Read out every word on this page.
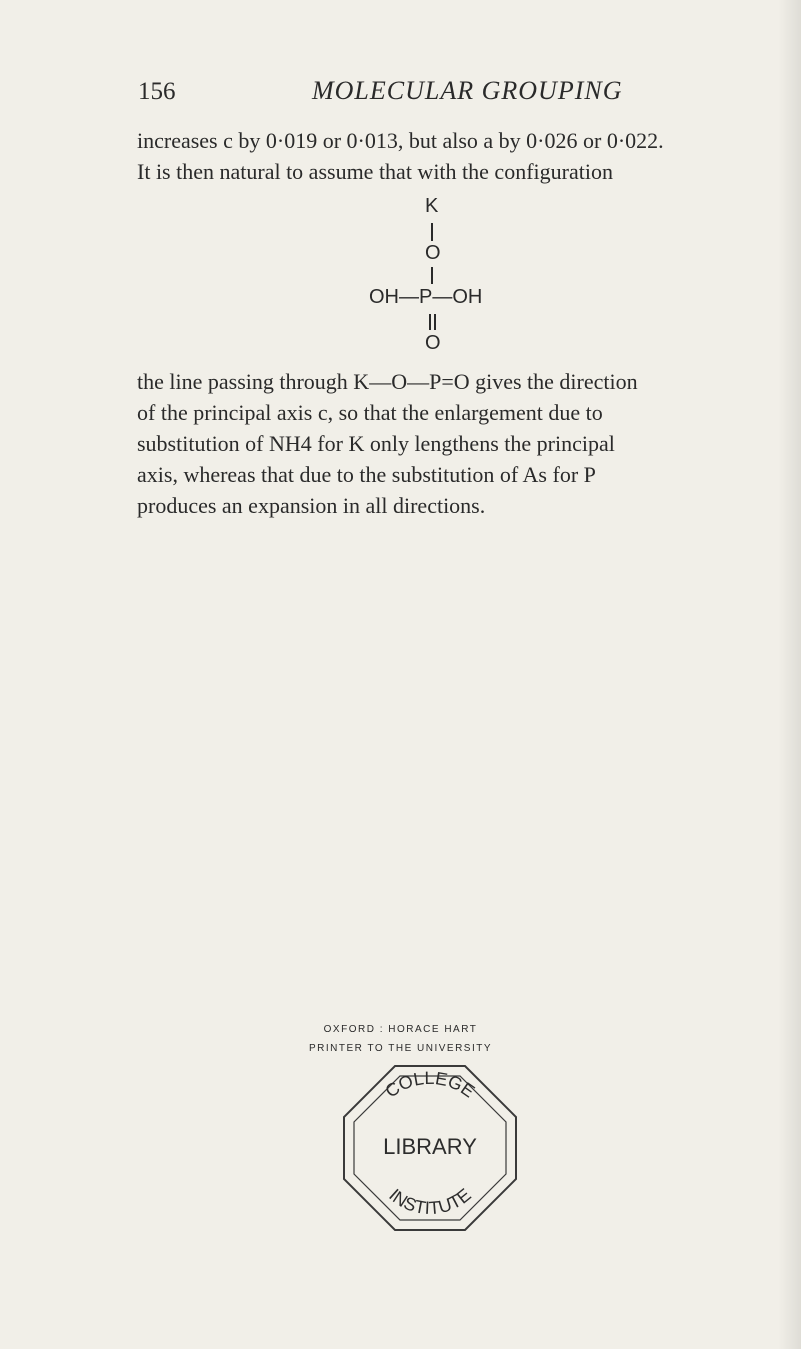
156	MOLECULAR GROUPING
increases c by 0·019 or 0·013, but also a by 0·026 or 0·022.
It is then natural to assume that with the configuration
K
O
OH—P—OH
O
the line passing through K—O—P=O gives the direction
of the principal axis c, so that the enlargement due to
substitution of NH4 for K only lengthens the principal
axis, whereas that due to the substitution of As for P
produces an expansion in all directions.
OXFORD : HORACE HART
PRINTER TO THE UNIVERSITY
COLLEGE
LIBRARY
INSTITUTE
